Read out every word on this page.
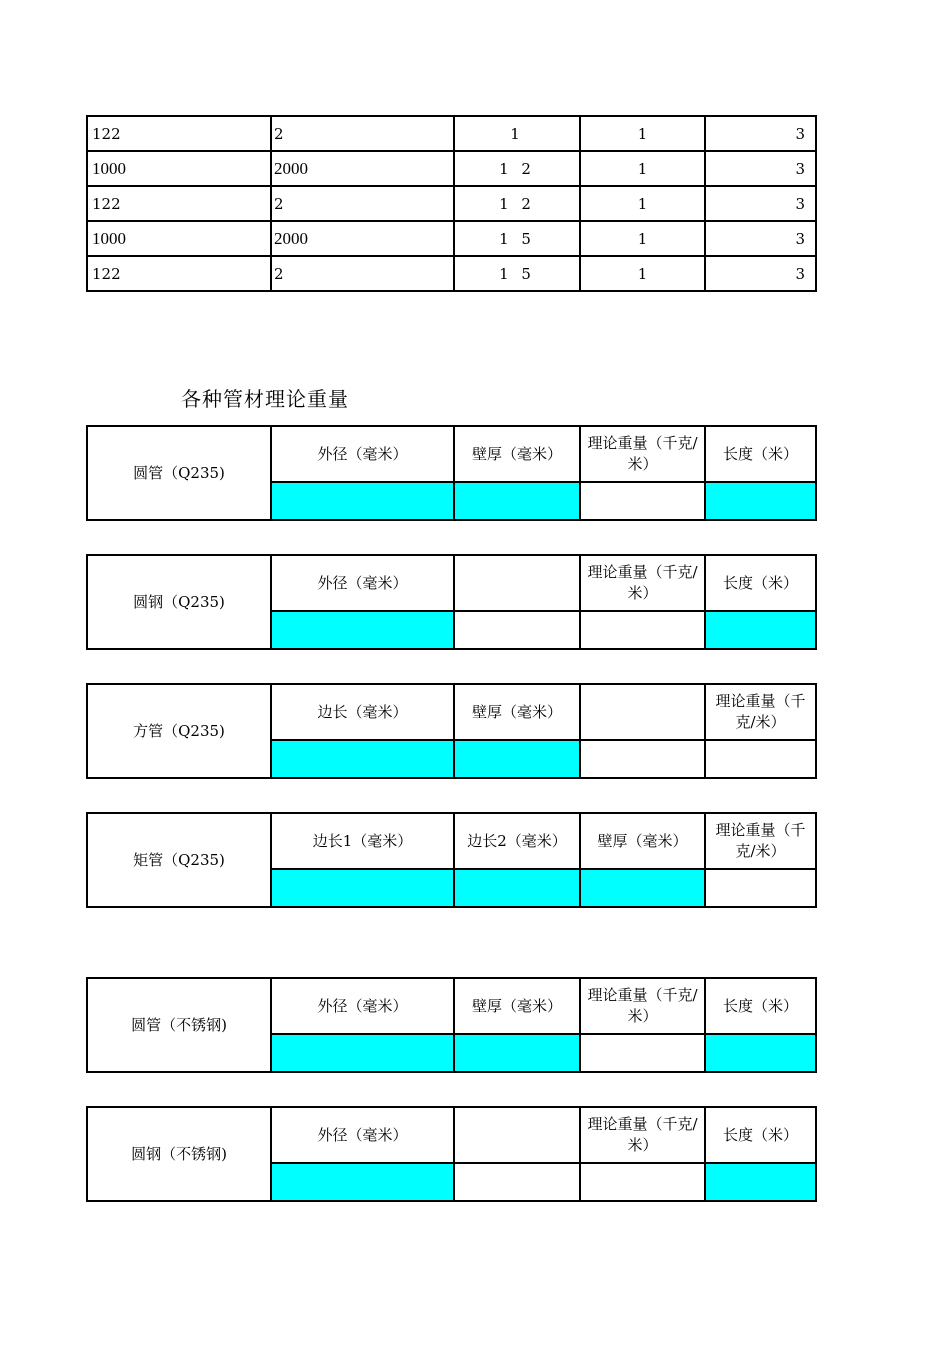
122	2	1	1	3
1000	2000	1 2	1	3
122	2	1 2	1	3
1000	2000	1 5	1	3
122	2	1 5	1	3
各种管材理论重量
圆管（Q235)	外径（毫米）	壁厚（毫米）	理论重量（千克/米）	长度（米）

圆钢（Q235)	外径（毫米）		理论重量（千克/米）	长度（米）

方管（Q235)	边长（毫米）	壁厚（毫米）		理论重量（千克/米）

矩管（Q235)	边长1（毫米）	边长2（毫米）	壁厚（毫米）	理论重量（千克/米）

圆管（不锈钢)	外径（毫米）	壁厚（毫米）	理论重量（千克/米）	长度（米）

圆钢（不锈钢)	外径（毫米）		理论重量（千克/米）	长度（米）
